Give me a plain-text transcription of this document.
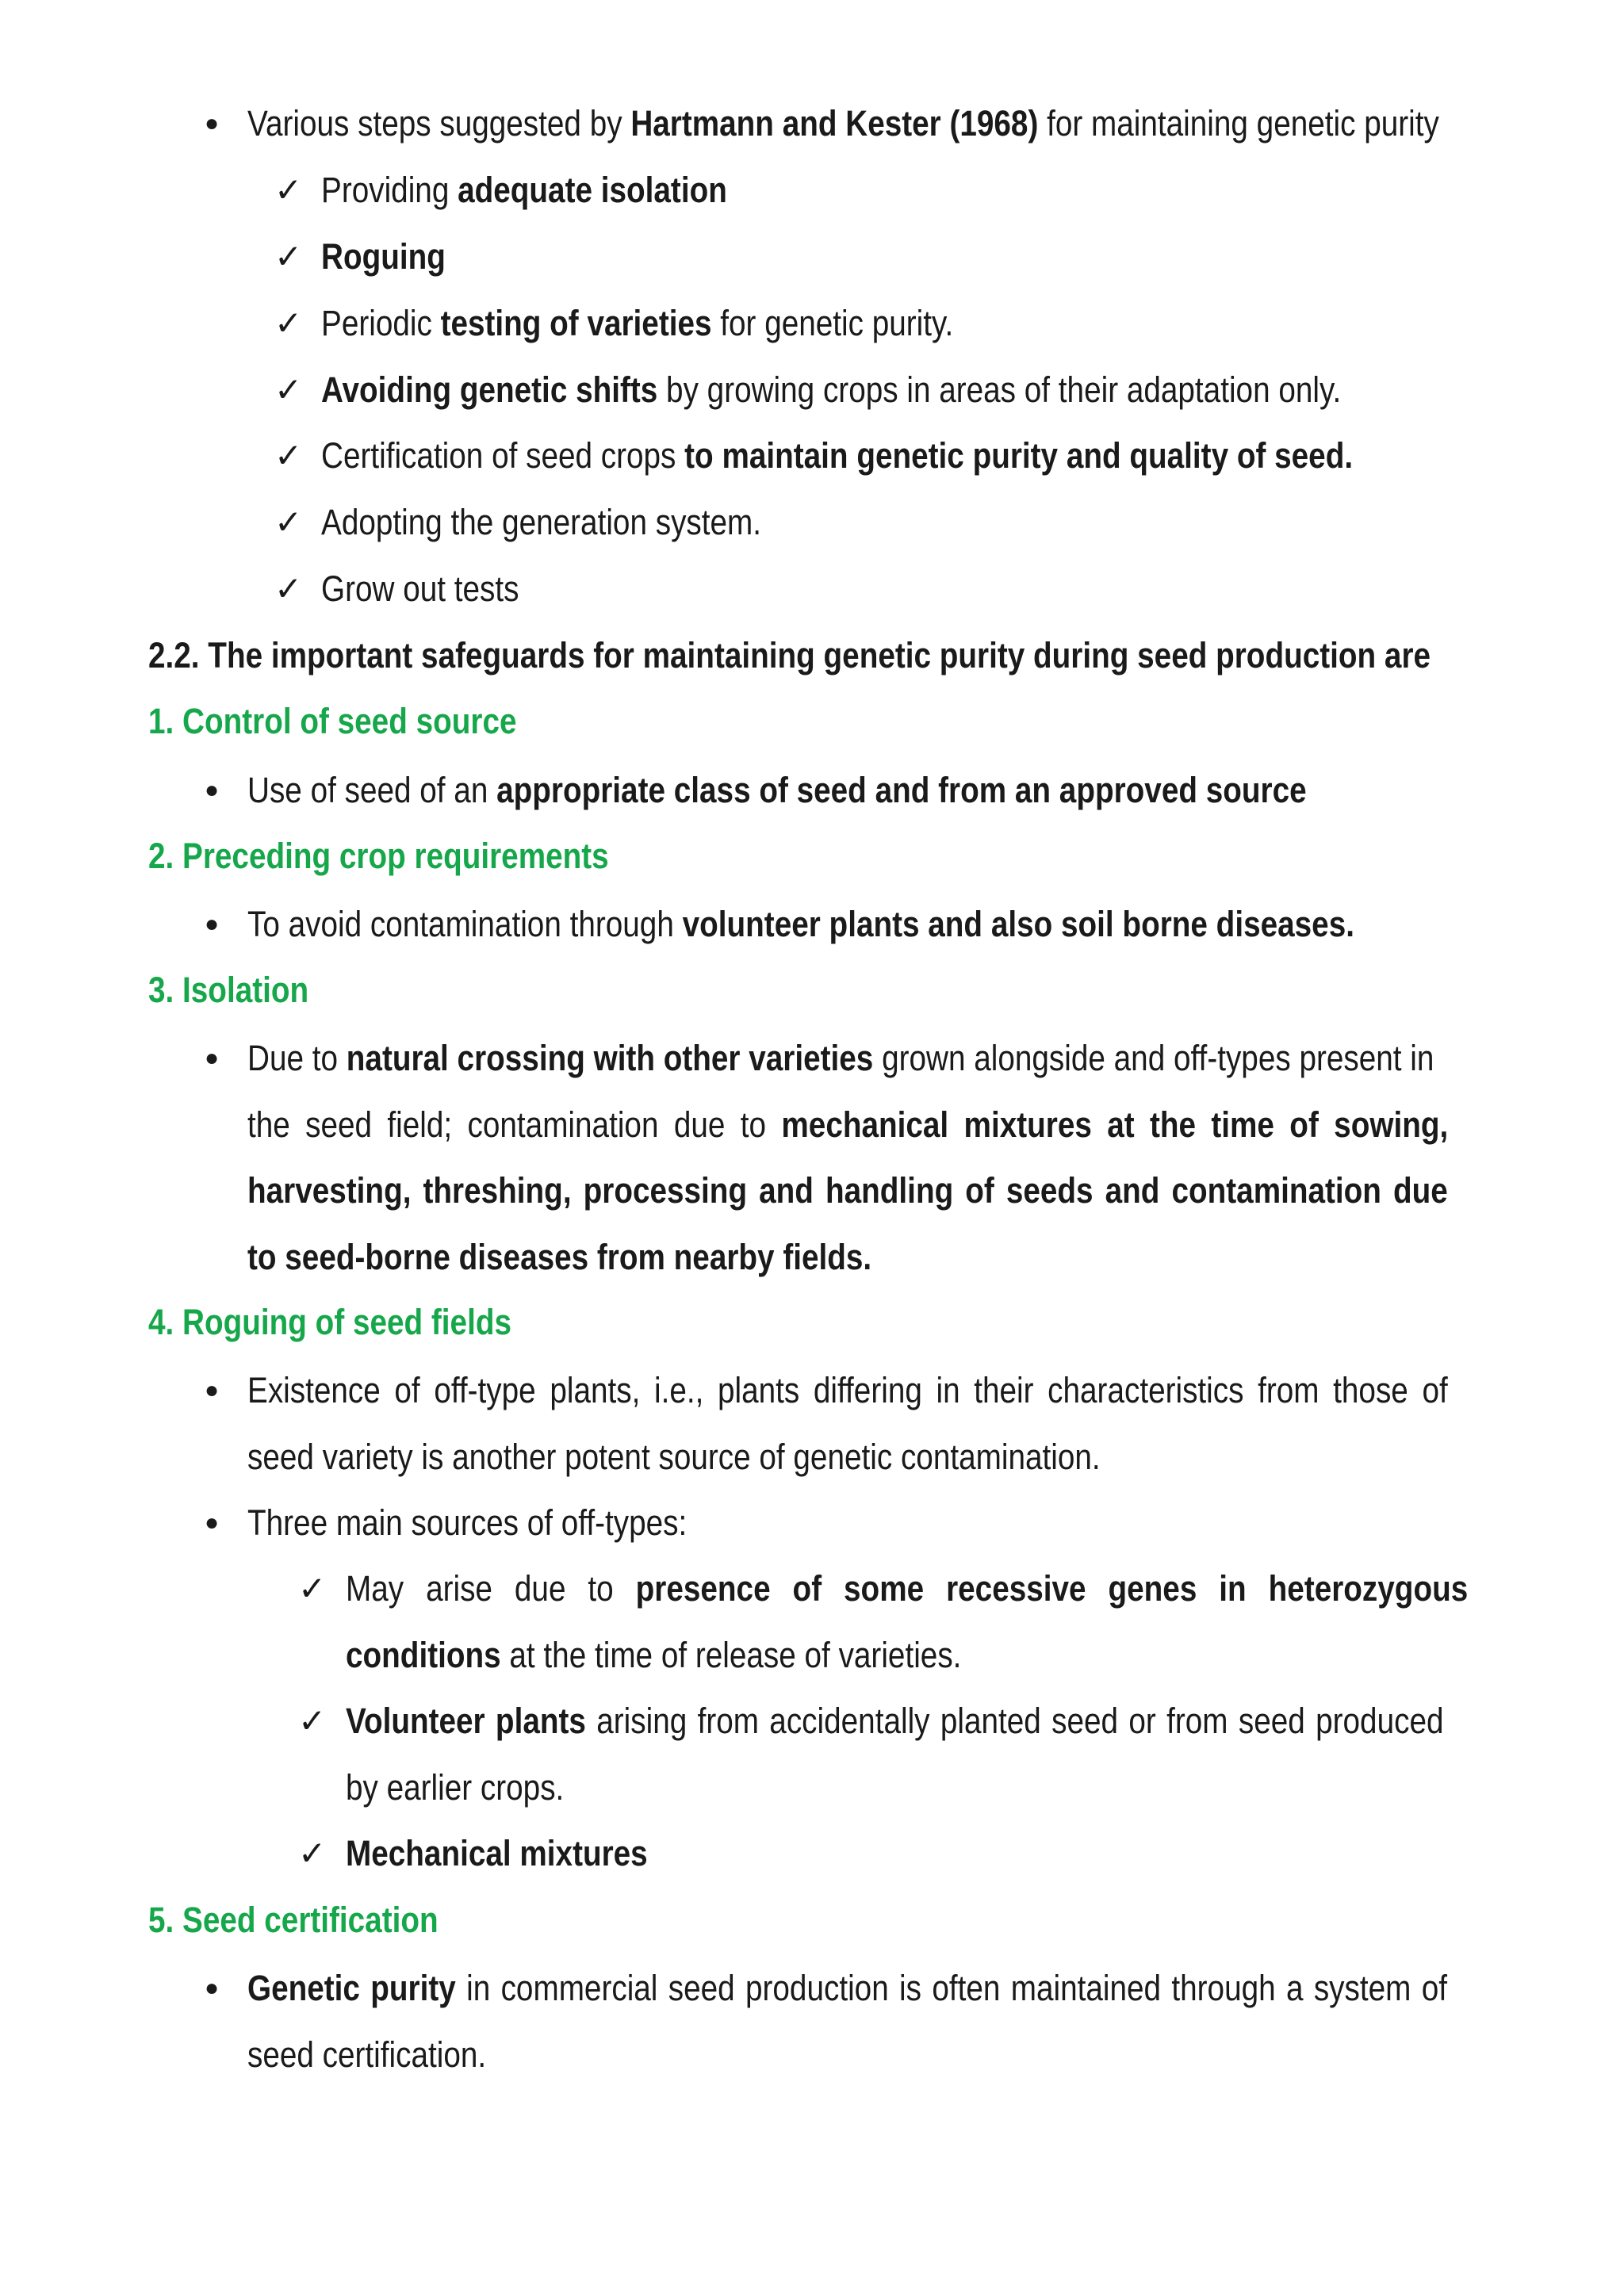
● Various steps suggested by Hartmann and Kester (1968) for maintaining genetic purity
✓ Providing adequate isolation
✓ Roguing
✓ Periodic testing of varieties for genetic purity.
✓ Avoiding genetic shifts by growing crops in areas of their adaptation only.
✓ Certification of seed crops to maintain genetic purity and quality of seed.
✓ Adopting the generation system.
✓ Grow out tests
2.2. The important safeguards for maintaining genetic purity during seed production are
1. Control of seed source
● Use of seed of an appropriate class of seed and from an approved source
2. Preceding crop requirements
● To avoid contamination through volunteer plants and also soil borne diseases.
3. Isolation
● Due to natural crossing with other varieties grown alongside and off-types present in
the seed field; contamination due to mechanical mixtures at the time of sowing,
harvesting, threshing, processing and handling of seeds and contamination due
to seed-borne diseases from nearby fields.
4. Roguing of seed fields
● Existence of off-type plants, i.e., plants differing in their characteristics from those of
seed variety is another potent source of genetic contamination.
● Three main sources of off-types:
✓ May arise due to presence of some recessive genes in heterozygous
conditions at the time of release of varieties.
✓ Volunteer plants arising from accidentally planted seed or from seed produced
by earlier crops.
✓ Mechanical mixtures
5. Seed certification
● Genetic purity in commercial seed production is often maintained through a system of
seed certification.
